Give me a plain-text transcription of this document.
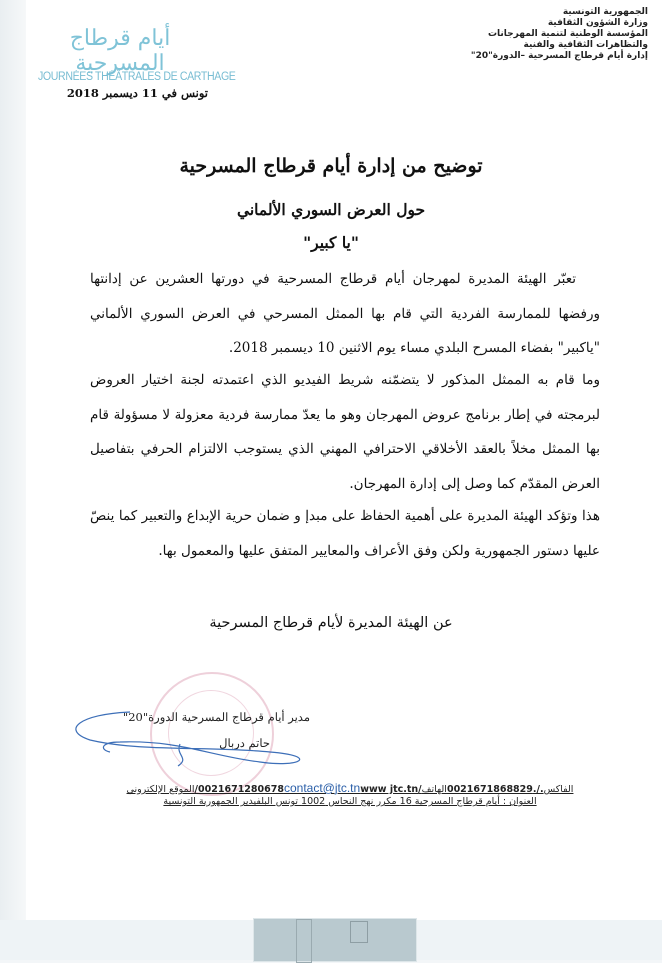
أيام قرطاج المسرحية
JOURNÉES THÉÂTRALES DE CARTHAGE
تونس في 11 ديسمبر 2018
الجمهورية التونسية
وزارة الشؤون الثقافية
المؤسسة الوطنية لتنمية المهرجانات
والتظاهرات الثقافية والفنية
إدارة أيام قرطاج المسرحية –الدورة"20"
توضيح من إدارة أيام قرطاج المسرحية
حول العرض السوري الألماني
"يا كبير"
تعبّر الهيئة المديرة لمهرجان أيام قرطاج المسرحية في دورتها العشرين عن إدانتها ورفضها للممارسة الفردية التي قام بها الممثل المسرحي في العرض السوري الألماني "ياكبير" بفضاء المسرح البلدي مساء يوم الاثنين 10 ديسمبر 2018.
وما قام به الممثل المذكور لا يتضمّنه شريط الفيديو الذي اعتمدته لجنة اختيار العروض لبرمجته في إطار برنامج عروض المهرجان وهو ما يعدّ ممارسة فردية معزولة لا مسؤولة قام بها الممثل مخلاً بالعقد الأخلاقي الاحترافي المهني الذي يستوجب الالتزام الحرفي بتفاصيل العرض المقدّم كما وصل إلى إدارة المهرجان.
هذا وتؤكد الهيئة المديرة على أهمية الحفاظ على مبدإ و ضمان حرية الإبداع والتعبير كما ينصّ عليها دستور الجمهورية ولكن وفق الأعراف والمعايير المتفق عليها والمعمول بها.
عن الهيئة المديرة لأيام قرطاج المسرحية
مدير أيام قرطاج المسرحية الدورة"20"
حاتم دربال
الفاكس./.0021671868829الهاتف/0021671280678contact@jtc.tnwww jtc.tn/الموقع الإلكتروني
العنوان : أيام قرطاج المسرحية 16 مكرر نهج النحاس 1002 تونس البلفيدير الجمهورية التونسية
